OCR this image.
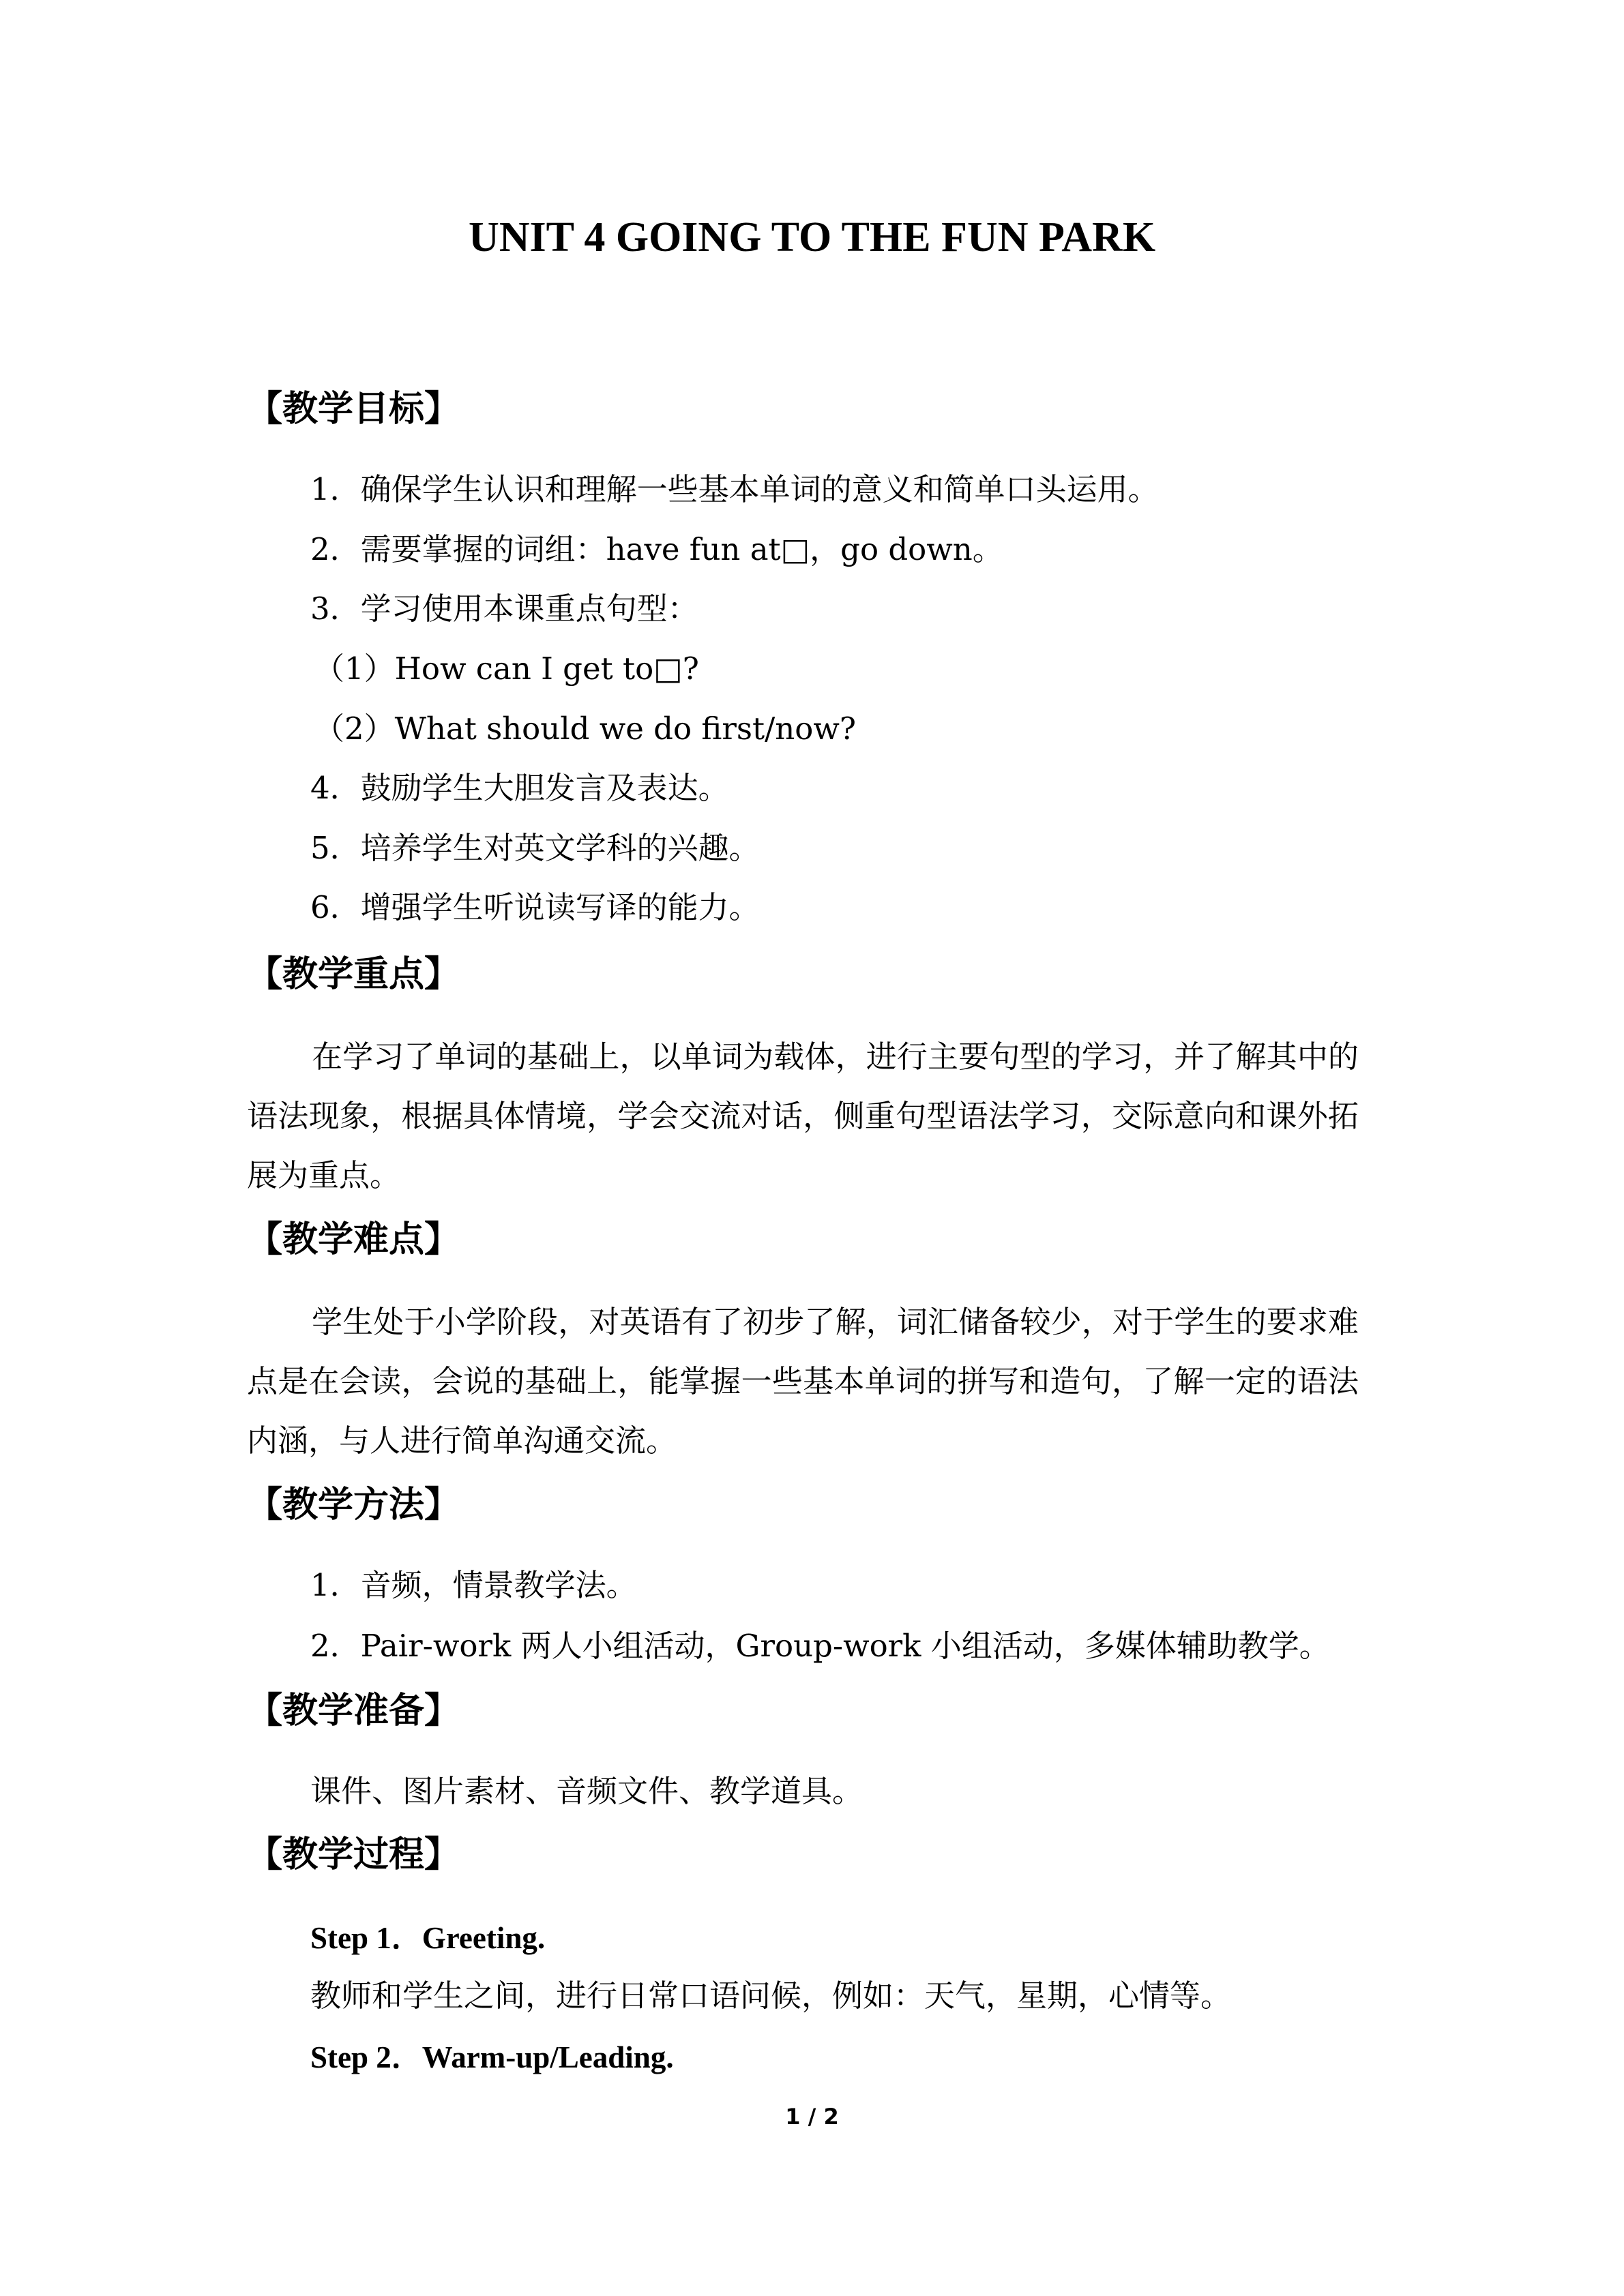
UNIT 4 GOING TO THE FUN PARK
【教学目标】
1．确保学生认识和理解一些基本单词的意义和简单口头运用。
2．需要掌握的词组：have fun at□，go down。
3．学习使用本课重点句型：
（1）How can I get to□?
（2）What should we do first/now?
4．鼓励学生大胆发言及表达。
5．培养学生对英文学科的兴趣。
6．增强学生听说读写译的能力。
【教学重点】
在学习了单词的基础上，以单词为载体，进行主要句型的学习，并了解其中的语法现象，根据具体情境，学会交流对话，侧重句型语法学习，交际意向和课外拓展为重点。
【教学难点】
学生处于小学阶段，对英语有了初步了解，词汇储备较少，对于学生的要求难点是在会读，会说的基础上，能掌握一些基本单词的拼写和造句，了解一定的语法内涵，与人进行简单沟通交流。
【教学方法】
1．音频，情景教学法。
2．Pair-work 两人小组活动，Group-work 小组活动，多媒体辅助教学。
【教学准备】
课件、图片素材、音频文件、教学道具。
【教学过程】
Step 1．Greeting.
教师和学生之间，进行日常口语问候，例如：天气，星期，心情等。
Step 2．Warm-up/Leading.
1 / 2
